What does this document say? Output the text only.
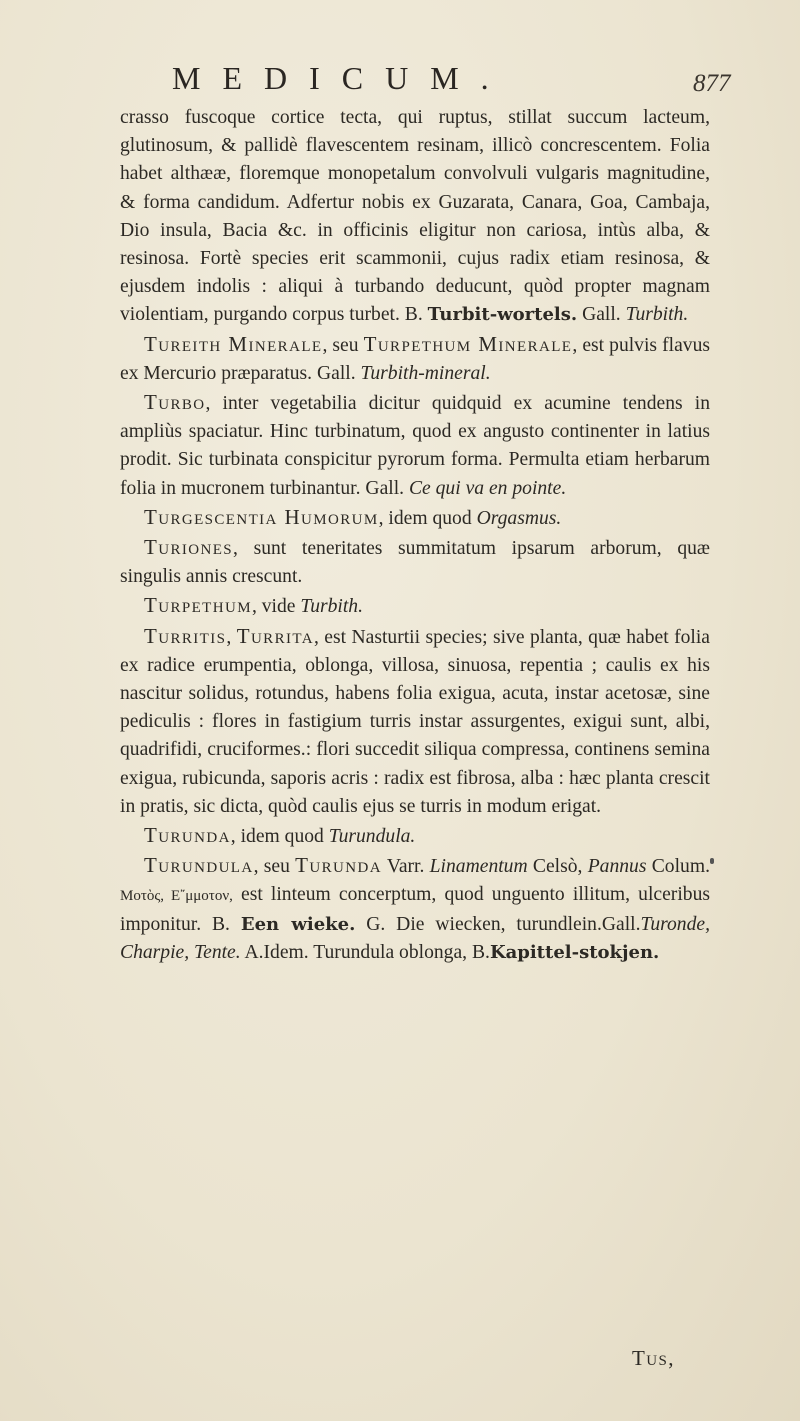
MEDICUM.	877

crasso fuscoque cortice tecta, qui ruptus, stillat succum lacteum, glutinosum, & pallidè flavescentem resinam, illicò concrescentem. Folia habet althææ, floremque monopetalum convolvuli vulgaris magnitudine, & forma candidum. Adfertur nobis ex Guzarata, Canara, Goa, Cambaja, Dio insula, Bacia &c. in officinis eligitur non cariosa, intùs alba, & resinosa. Fortè species erit scammonii, cujus radix etiam resinosa, & ejusdem indolis : aliqui à turbando deducunt, quòd propter magnam violentiam, purgando corpus turbet. B. Turbit-wortels. Gall. Turbith.

Tureith Minerale, seu Turpethum Minerale, est pulvis flavus ex Mercurio præparatus. Gall. Turbith-mineral.

Turbo, inter vegetabilia dicitur quidquid ex acumine tendens in ampliùs spaciatur. Hinc turbinatum, quod ex angusto continenter in latius prodit. Sic turbinata conspicitur pyrorum forma. Permulta etiam herbarum folia in mucronem turbinantur. Gall. Ce qui va en pointe.

Turgescentia Humorum, idem quod Orgasmus.

Turiones, sunt teneritates summitatum ipsarum arborum, quæ singulis annis crescunt.

Turpethum, vide Turbith.

Turritis, Turrita, est Nasturtii species; sive planta, quæ habet folia ex radice erumpentia, oblonga, villosa, sinuosa, repentia ; caulis ex his nascitur solidus, rotundus, habens folia exigua, acuta, instar acetosæ, sine pediculis : flores in fastigium turris instar assurgentes, exigui sunt, albi, quadrifidi, cruciformes.: flori succedit siliqua compressa, continens semina exigua, rubicunda, saporis acris : radix est fibrosa, alba : hæc planta crescit in pratis, sic dicta, quòd caulis ejus se turris in modum erigat.

Turunda, idem quod Turundula.

Turundula, seu Turunda Varr. Linamentum Celsò, Pannus Colum. Μοτὸς, Ε῎μμοτον, est linteum concerptum, quod unguento illitum, ulceribus imponitur. B. Een wieke. G. Die wiecken, turundlein.Gall.Turonde, Charpie, Tente. A.Idem. Turundula oblonga, B.Kapittel-stokjen.

Tus,
